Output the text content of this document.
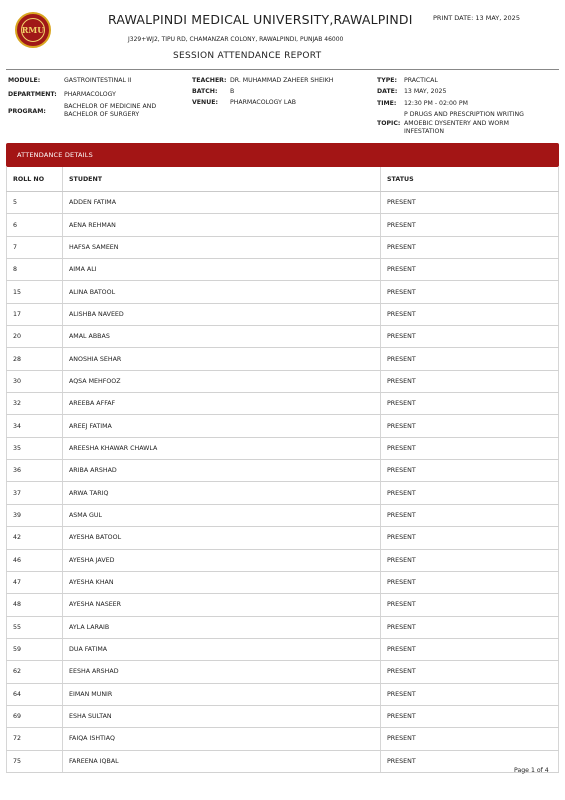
RMU
RAWALPINDI MEDICAL UNIVERSITY,RAWALPINDI	PRINT DATE: 13 MAY, 2025
J329+WJ2, TIPU RD, CHAMANZAR COLONY, RAWALPINDI, PUNJAB 46000
SESSION ATTENDANCE REPORT
MODULE:	GASTROINTESTINAL II
DEPARTMENT: PHARMACOLOGY
PROGRAM:
BACHELOR OF MEDICINE AND BACHELOR OF SURGERY
TEACHER: DR. MUHAMMAD ZAHEER SHEIKH
BATCH: B
VENUE: PHARMACOLOGY LAB
TYPE: PRACTICAL
DATE: 13 MAY, 2025
TIME: 12:30 PM - 02:00 PM
P DRUGS AND PRESCRIPTION WRITING
TOPIC: AMOEBIC DYSENTERY AND WORM INFESTATION
ATTENDANCE DETAILS
ROLL NO	STUDENT	STATUS
5	ADDEN FATIMA	PRESENT
6	AENA REHMAN	PRESENT
7	HAFSA SAMEEN	PRESENT
8	AIMA ALI	PRESENT
15	ALINA BATOOL	PRESENT
17	ALISHBA NAVEED	PRESENT
20	AMAL ABBAS	PRESENT
28	ANOSHIA SEHAR	PRESENT
30	AQSA MEHFOOZ	PRESENT
32	AREEBA AFFAF	PRESENT
34	AREEJ FATIMA	PRESENT
35	AREESHA KHAWAR CHAWLA	PRESENT
36	ARIBA ARSHAD	PRESENT
37	ARWA TARIQ	PRESENT
39	ASMA GUL	PRESENT
42	AYESHA BATOOL	PRESENT
46	AYESHA JAVED	PRESENT
47	AYESHA KHAN	PRESENT
48	AYESHA NASEER	PRESENT
55	AYLA LARAIB	PRESENT
59	DUA FATIMA	PRESENT
62	EESHA ARSHAD	PRESENT
64	EIMAN MUNIR	PRESENT
69	ESHA SULTAN	PRESENT
72	FAIQA ISHTIAQ	PRESENT
75	FAREENA IQBAL	PRESENT
Page 1 of 4
